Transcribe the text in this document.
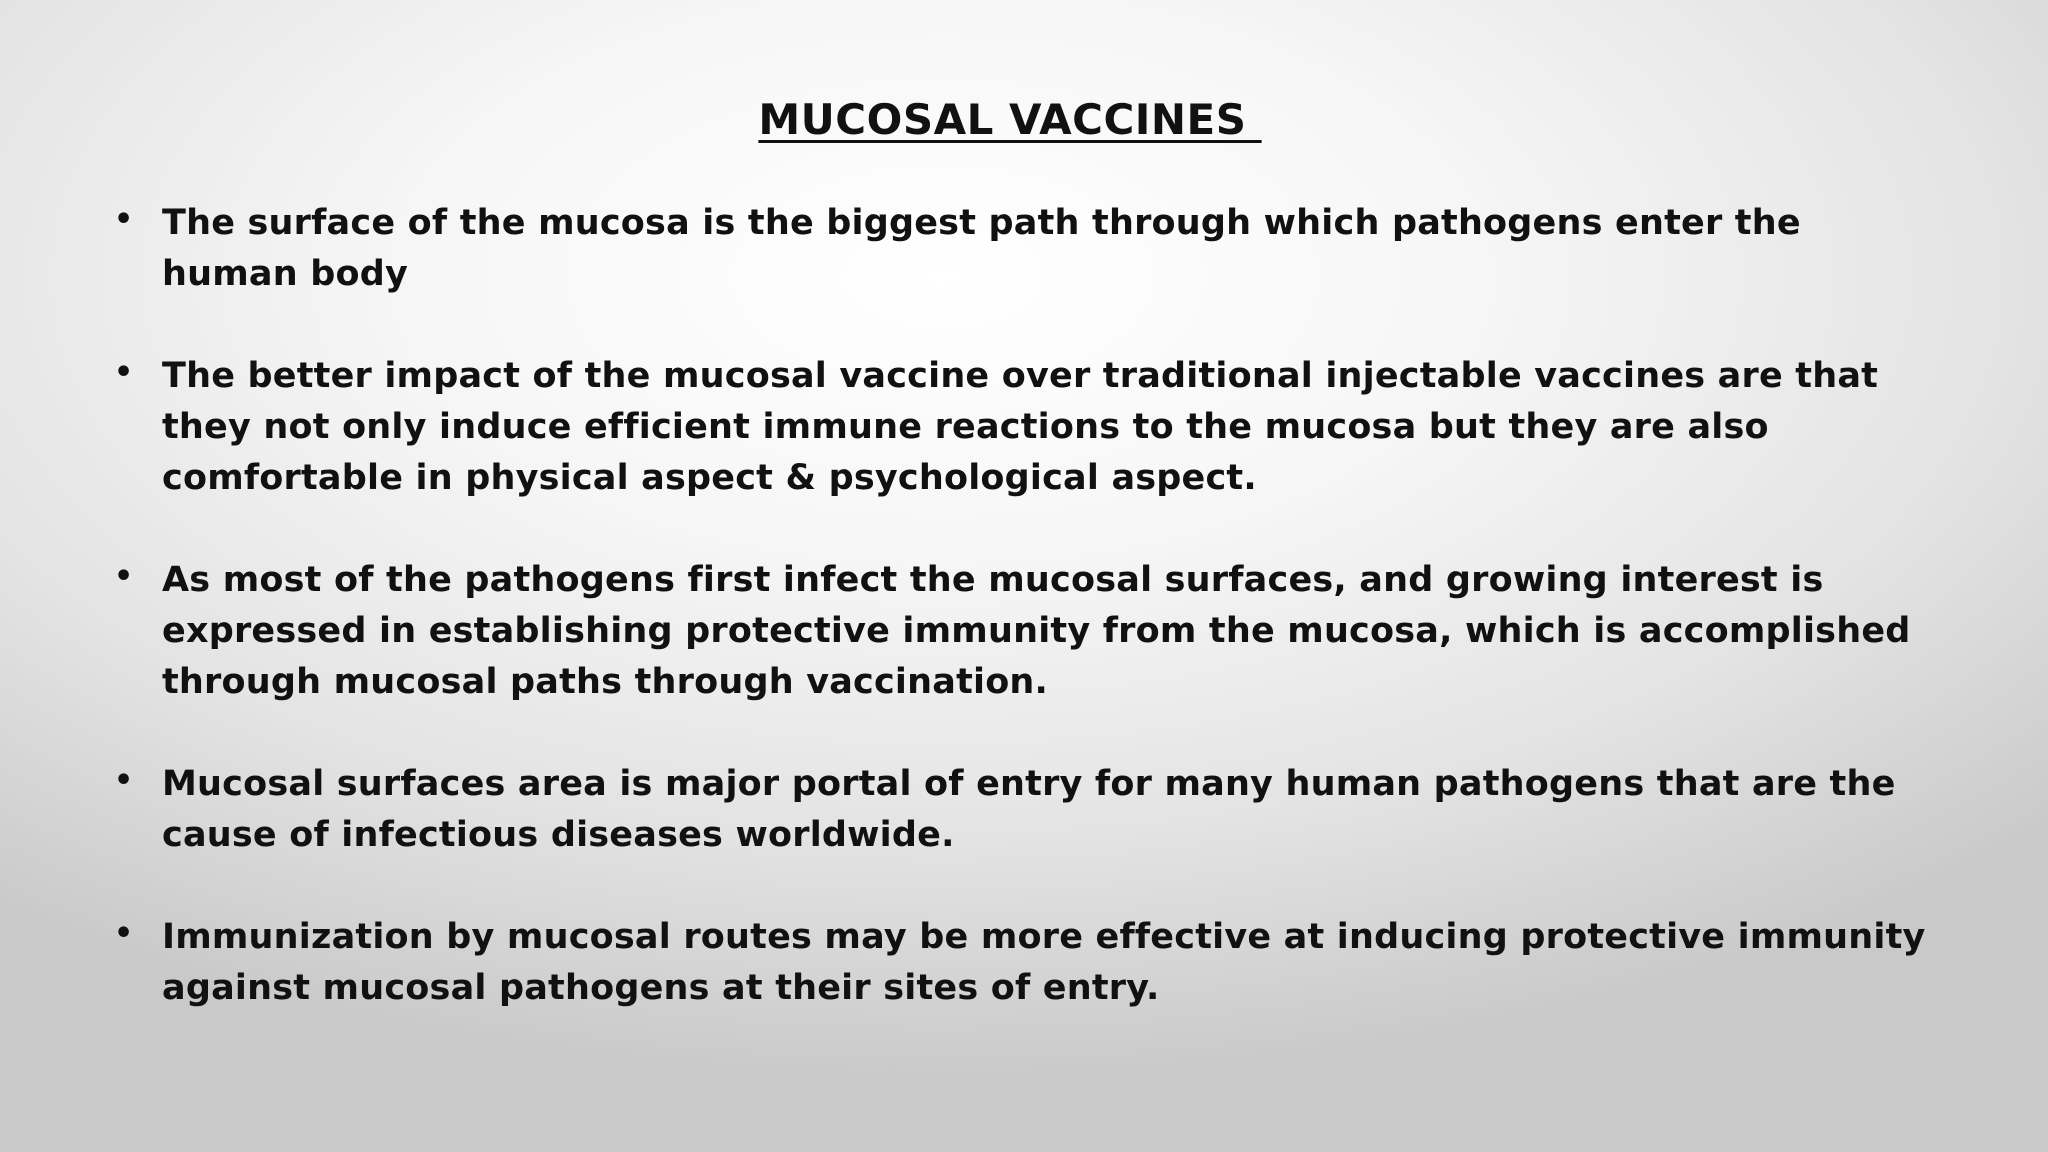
MUCOSAL VACCINES
• The surface of the mucosa is the biggest path through which pathogens enter the human body
• The better impact of the mucosal vaccine over traditional injectable vaccines are that they not only induce efficient immune reactions to the mucosa but they are also comfortable in physical aspect & psychological aspect.
• As most of the pathogens first infect the mucosal surfaces, and growing interest is expressed in establishing protective immunity from the mucosa, which is accomplished through mucosal paths through vaccination.
• Mucosal surfaces area is major portal of entry for many human pathogens that are the cause of infectious diseases worldwide.
• Immunization by mucosal routes may be more effective at inducing protective immunity against mucosal pathogens at their sites of entry.
